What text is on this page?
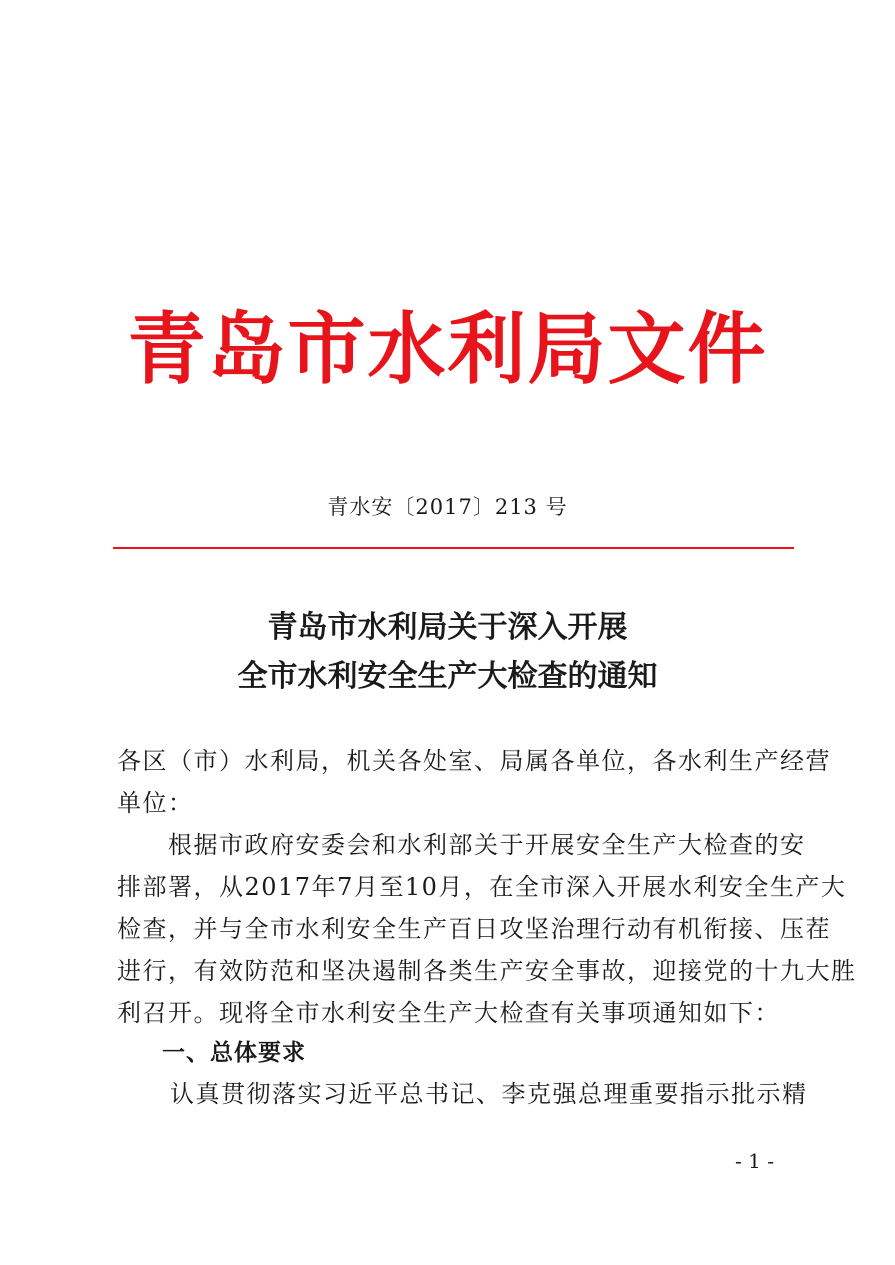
青岛市水利局文件
青水安〔2017〕213 号
青岛市水利局关于深入开展
全市水利安全生产大检查的通知
各区（市）水利局，机关各处室、局属各单位，各水利生产经营
单位：
根据市政府安委会和水利部关于开展安全生产大检查的安
排部署，从2017年7月至10月，在全市深入开展水利安全生产大
检查，并与全市水利安全生产百日攻坚治理行动有机衔接、压茬
进行，有效防范和坚决遏制各类生产安全事故，迎接党的十九大胜
利召开。现将全市水利安全生产大检查有关事项通知如下：
一、总体要求
认真贯彻落实习近平总书记、李克强总理重要指示批示精
- 1 -
